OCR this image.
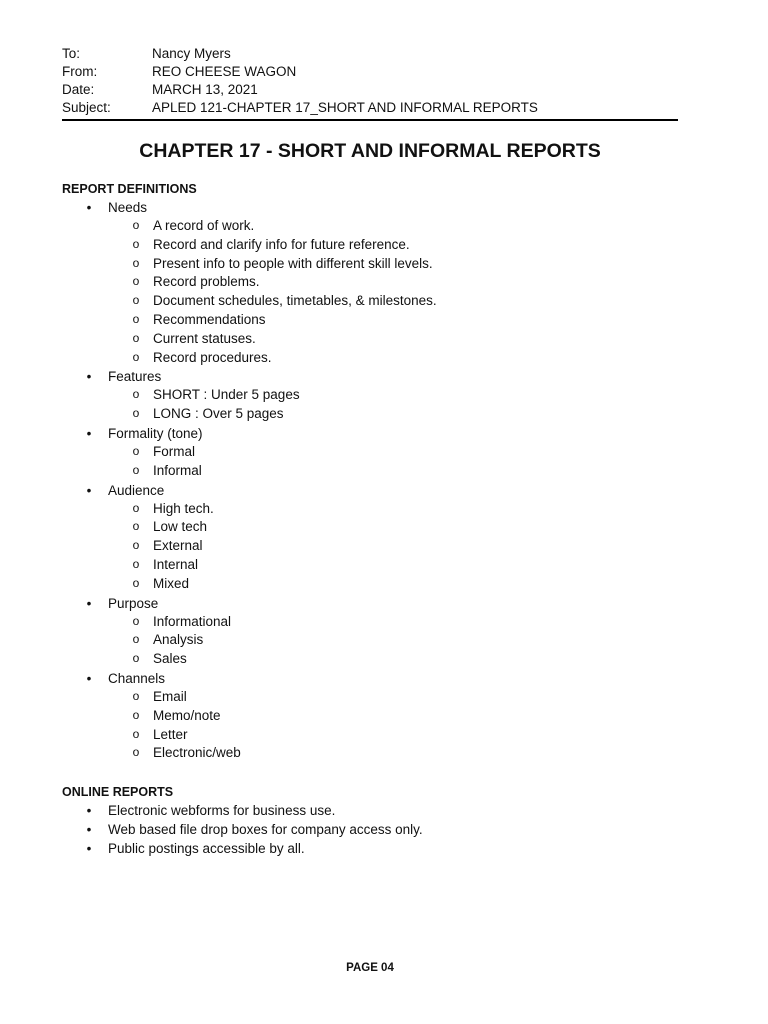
To:	Nancy Myers
From:	REO CHEESE WAGON
Date:	MARCH 13, 2021
Subject:	APLED 121-CHAPTER 17_SHORT AND INFORMAL REPORTS
CHAPTER 17 - SHORT AND INFORMAL REPORTS
REPORT DEFINITIONS
• Needs
o A record of work.
o Record and clarify info for future reference.
o Present info to people with different skill levels.
o Record problems.
o Document schedules, timetables, & milestones.
o Recommendations
o Current statuses.
o Record procedures.
• Features
o SHORT : Under 5 pages
o LONG : Over 5 pages
• Formality (tone)
o Formal
o Informal
• Audience
o High tech.
o Low tech
o External
o Internal
o Mixed
• Purpose
o Informational
o Analysis
o Sales
• Channels
o Email
o Memo/note
o Letter
o Electronic/web
ONLINE REPORTS
• Electronic webforms for business use.
• Web based file drop boxes for company access only.
• Public postings accessible by all.
PAGE 04
